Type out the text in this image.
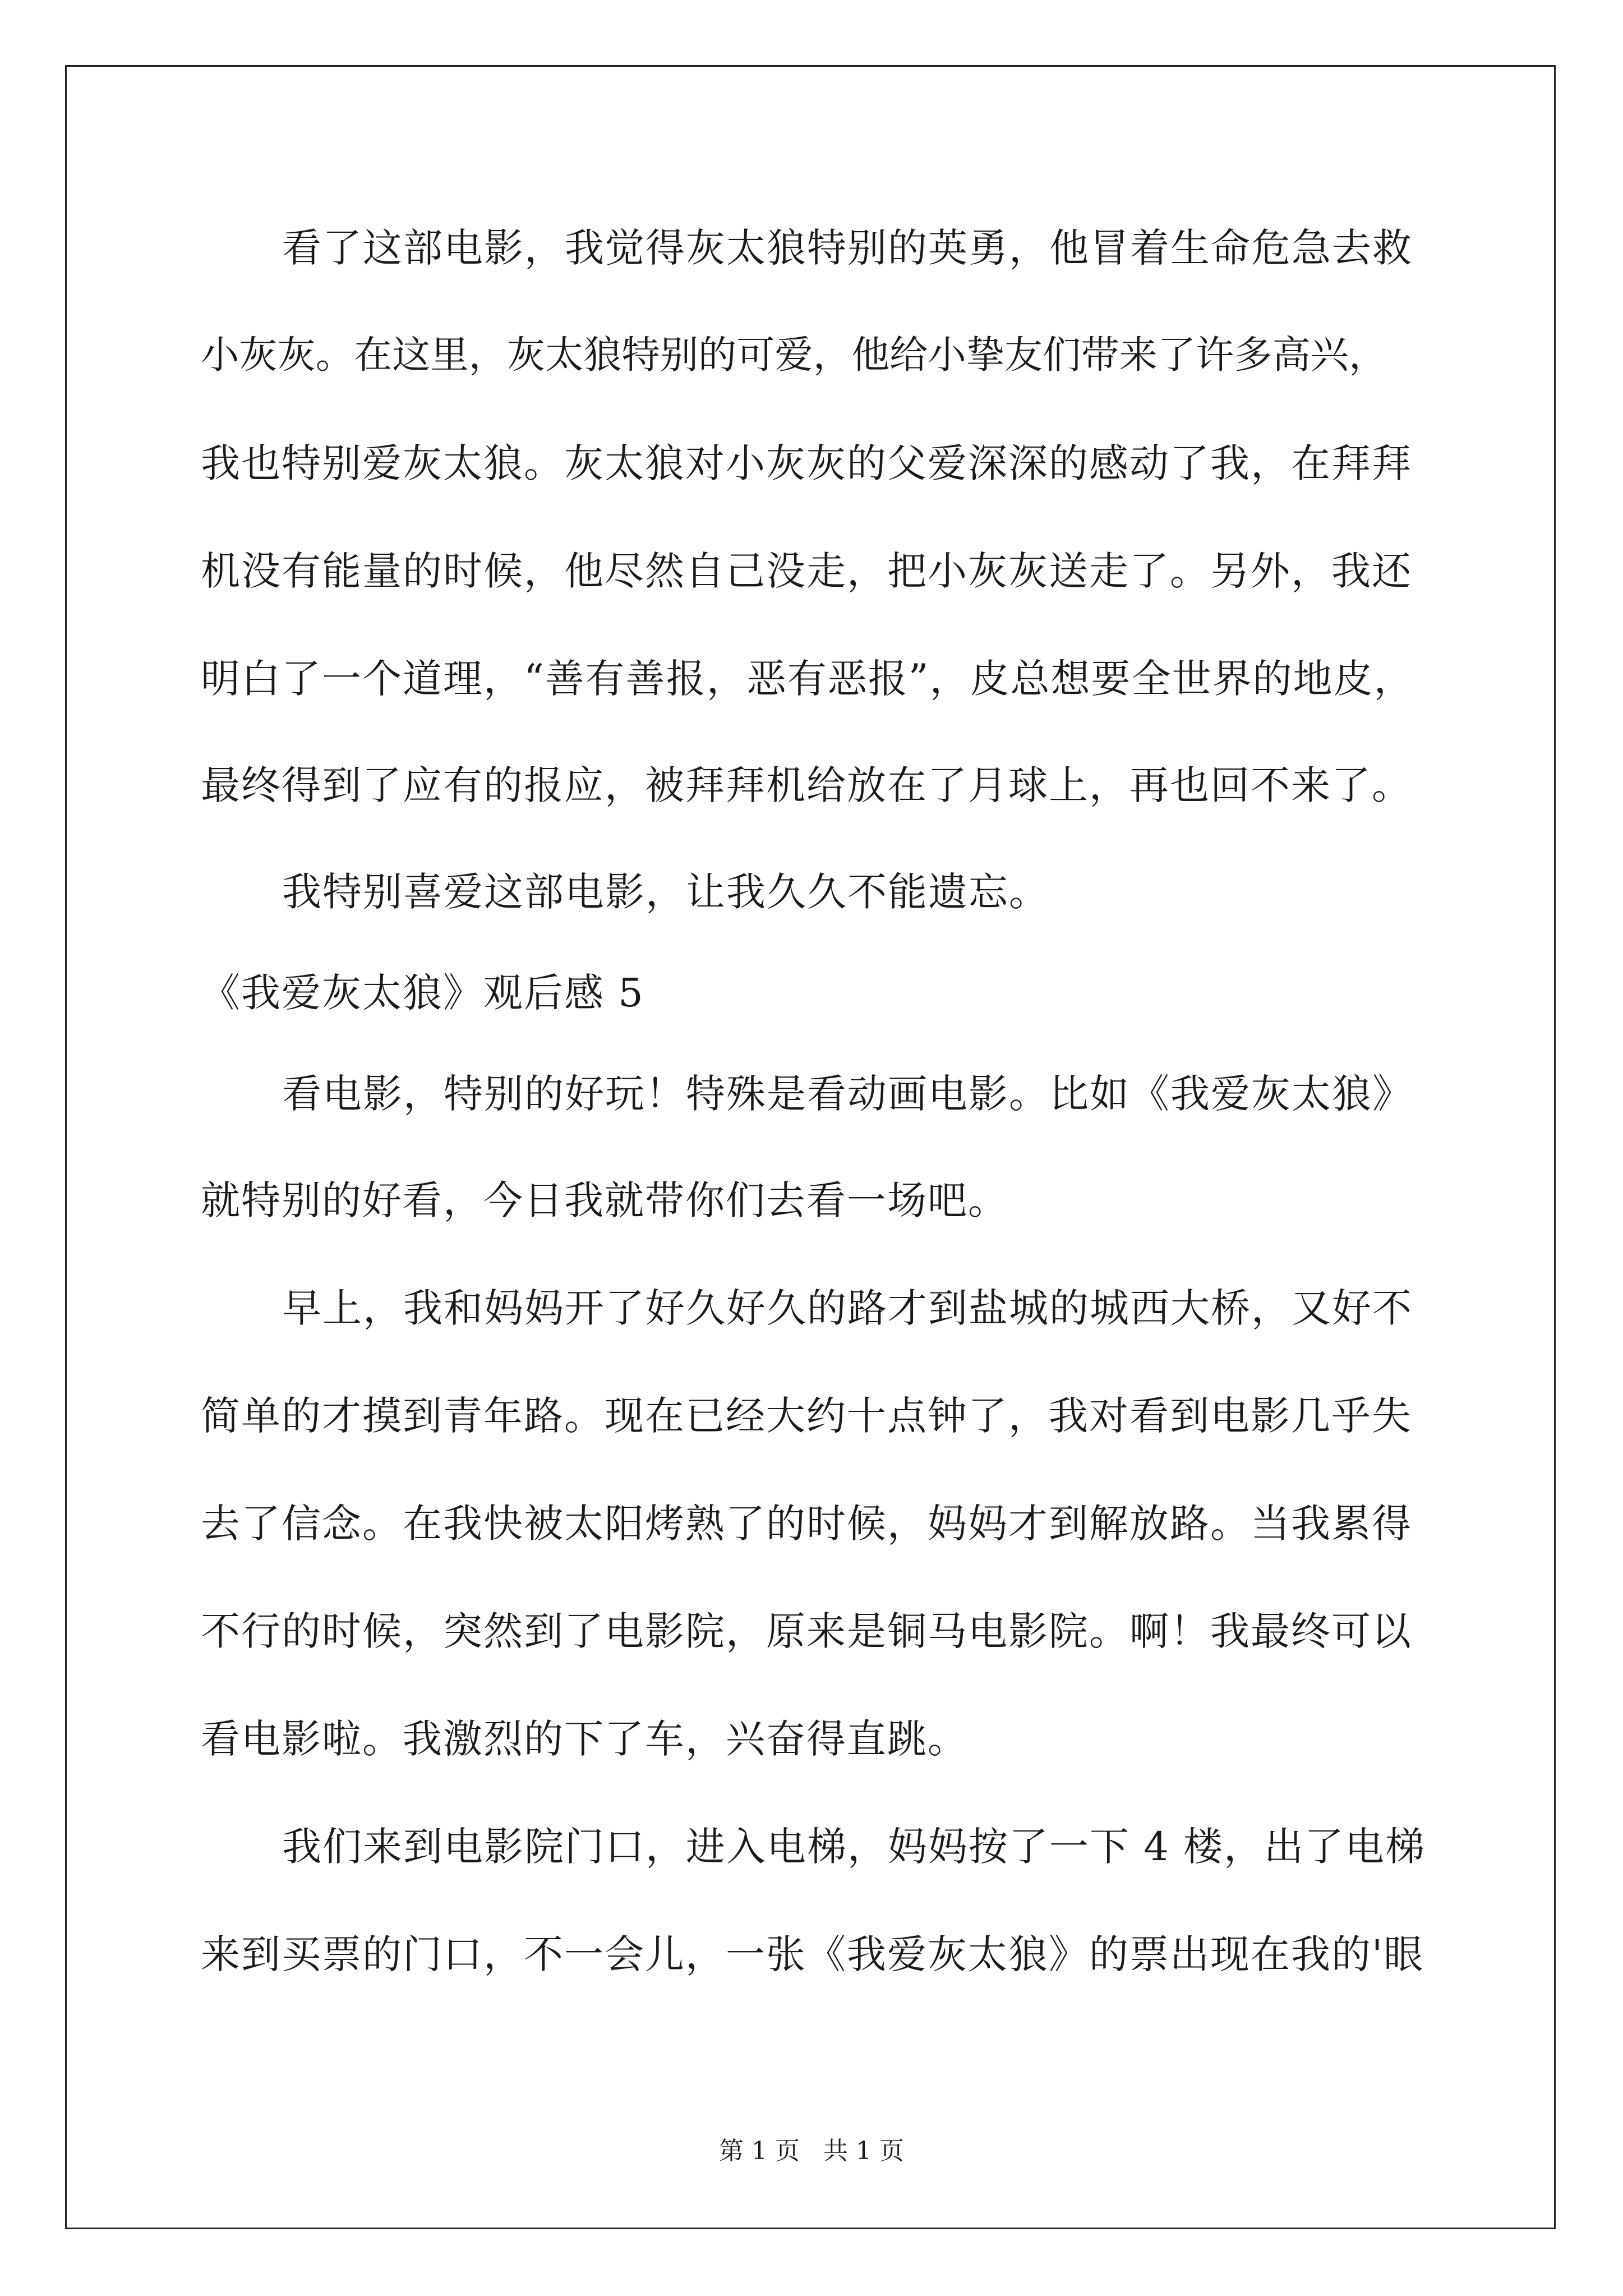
看了这部电影，我觉得灰太狼特别的英勇，他冒着生命危急去救
小灰灰。在这里，灰太狼特别的可爱，他给小挚友们带来了许多高兴，
我也特别爱灰太狼。灰太狼对小灰灰的父爱深深的感动了我，在拜拜
机没有能量的时候，他尽然自己没走，把小灰灰送走了。另外，我还
明白了一个道理，“善有善报，恶有恶报”，皮总想要全世界的地皮，
最终得到了应有的报应，被拜拜机给放在了月球上，再也回不来了。
我特别喜爱这部电影，让我久久不能遗忘。
《我爱灰太狼》观后感 5
看电影，特别的好玩！特殊是看动画电影。比如《我爱灰太狼》
就特别的好看，今日我就带你们去看一场吧。
早上，我和妈妈开了好久好久的路才到盐城的城西大桥，又好不
简单的才摸到青年路。现在已经大约十点钟了，我对看到电影几乎失
去了信念。在我快被太阳烤熟了的时候，妈妈才到解放路。当我累得
不行的时候，突然到了电影院，原来是铜马电影院。啊！我最终可以
看电影啦。我激烈的下了车，兴奋得直跳。
我们来到电影院门口，进入电梯，妈妈按了一下 4 楼，出了电梯
来到买票的门口，不一会儿，一张《我爱灰太狼》的票出现在我的'眼
第 1 页   共 1 页
